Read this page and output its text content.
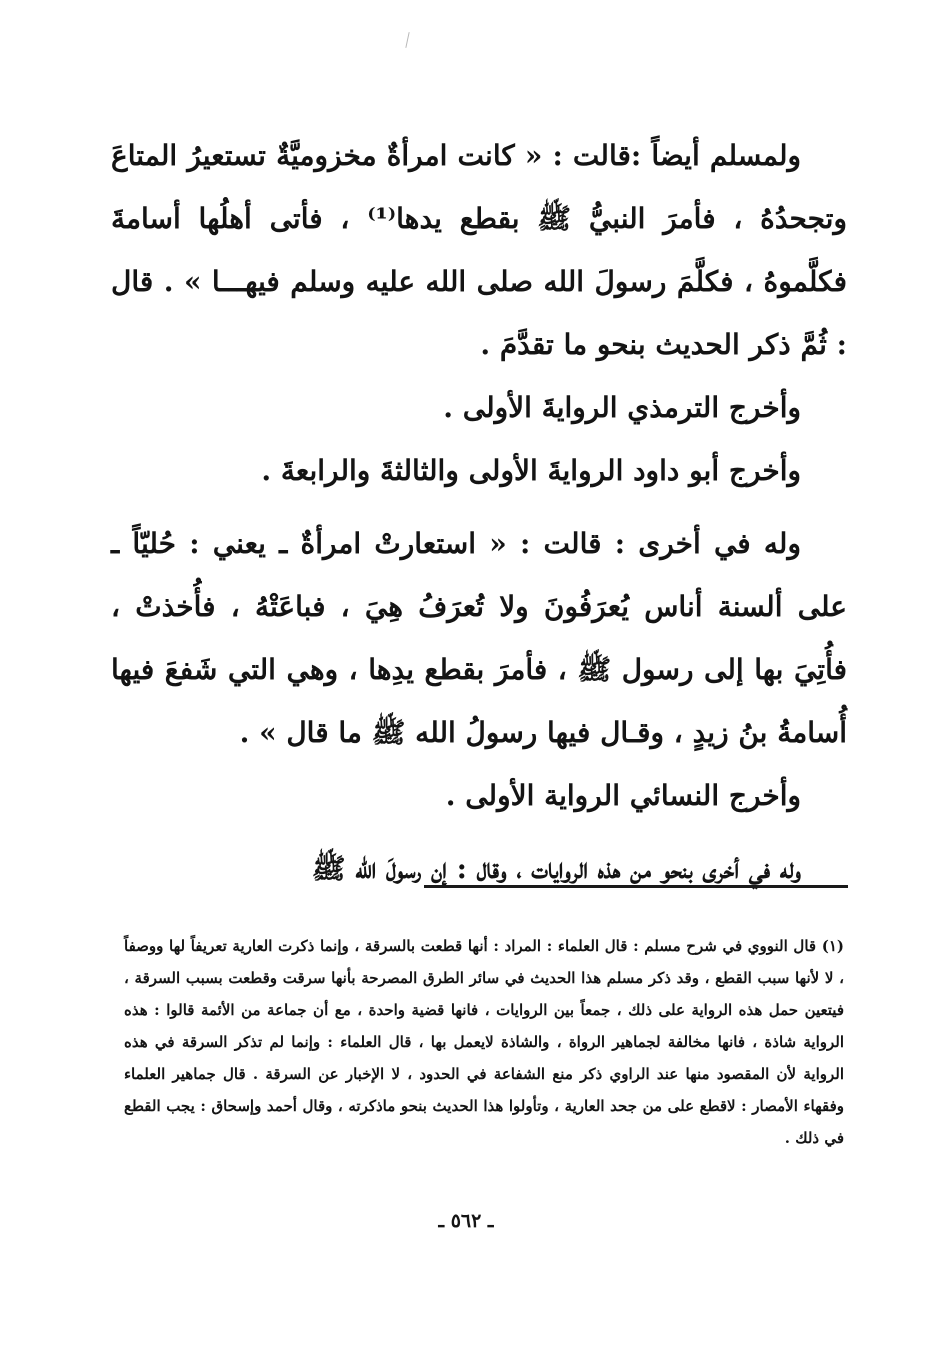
ولمسلم أيضاً :قالت : « كانت امرأةٌ مخزوميَّةٌ تستعيرُ المتاعَ وتجحدُهُ ، فأمرَ النبيُّ ﷺ بقطع يدها⁽¹⁾ ، فأتى أهلُها أسامةَ فكلَّموهُ ، فكلَّمَ رسولَ الله صلى الله عليه وسلم فيهـــا » . قال : ثُمَّ ذكر الحديث بنحو ما تقدَّمَ .

وأخرج الترمذي الروايةَ الأولى .

وأخرج أبو داود الروايةَ الأولى والثالثةَ والرابعةَ .

وله في أخرى : قالت : « استعارتْ امرأةٌ ـ يعني : حُليّاً ـ على ألسنة أناس يُعرَفُونَ ولا تُعرَفُ هِيَ ، فباعَتْهُ ، فأُخذتْ ، فأُتِيَ بها إلى رسول ﷺ ، فأمرَ بقطع يدِها ، وهي التي شَفعَ فيها أُسامةُ بنُ زيدٍ ، وقـال فيها رسولُ الله ﷺ ما قال » .

وأخرج النسائي الرواية الأولى .

وله في أخرى بنحو من هذه الروايات ، وقال : إن رسولَ الله ﷺ

(١) قال النووي في شرح مسلم : قال العلماء : المراد : أنها قطعت بالسرقة ، وإنما ذكرت العارية تعريفاً لها ووصفاً ، لا لأنها سبب القطع ، وقد ذكر مسلم هذا الحديث في سائر الطرق المصرحة بأنها سرقت وقطعت بسبب السرقة ، فيتعين حمل هذه الرواية على ذلك ، جمعاً بين الروايات ، فانها قضية واحدة ، مع أن جماعة من الأئمة قالوا : هذه الرواية شاذة ، فانها مخالفة لجماهير الرواة ، والشاذة لايعمل بها ، قال العلماء : وإنما لم تذكر السرقة في هذه الرواية لأن المقصود منها عند الراوي ذكر منع الشفاعة في الحدود ، لا الإخبار عن السرقة . قال جماهير العلماء وفقهاء الأمصار : لاقطع على من جحد العارية ، وتأولوا هذا الحديث بنحو ماذكرته ، وقال أحمد وإسحاق : يجب القطع في ذلك .

ـ ٥٦٢ ـ
